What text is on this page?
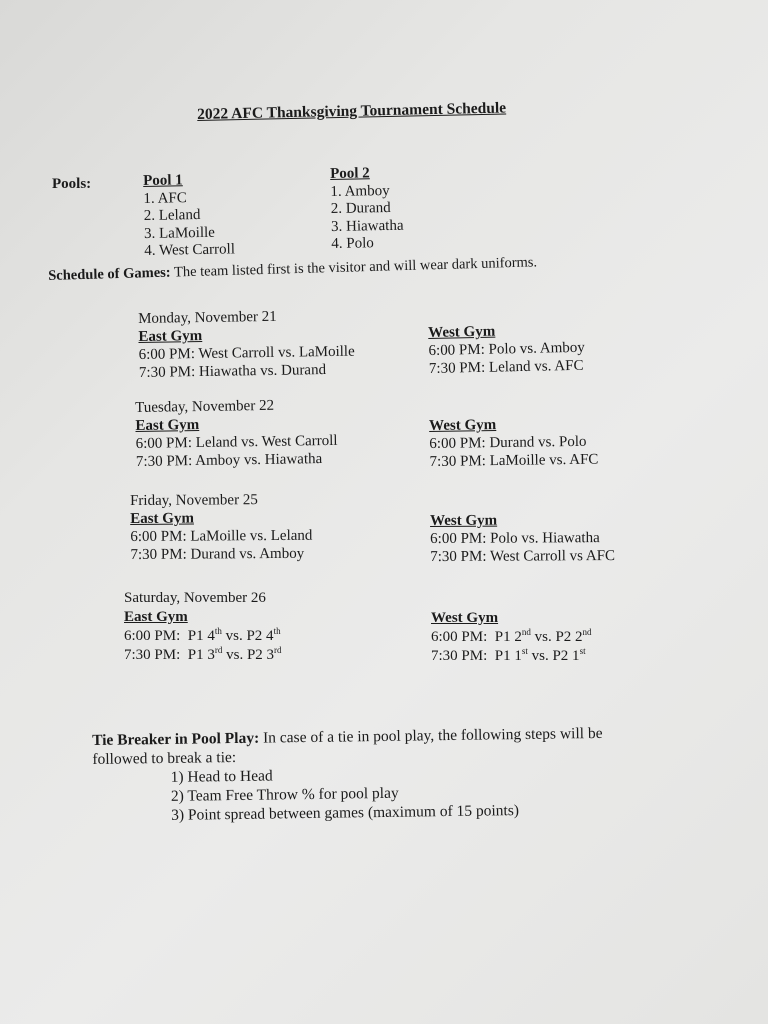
2022 AFC Thanksgiving Tournament Schedule
Pools:	Pool 1
1. AFC
2. Leland
3. LaMoille
4. West Carroll
Pool 2
1. Amboy
2. Durand
3. Hiawatha
4. Polo
Schedule of Games: The team listed first is the visitor and will wear dark uniforms.
Monday, November 21
East Gym
6:00 PM: West Carroll vs. LaMoille
7:30 PM: Hiawatha vs. Durand
West Gym
6:00 PM: Polo vs. Amboy
7:30 PM: Leland vs. AFC
Tuesday, November 22
East Gym
6:00 PM: Leland vs. West Carroll
7:30 PM: Amboy vs. Hiawatha
West Gym
6:00 PM: Durand vs. Polo
7:30 PM: LaMoille vs. AFC
Friday, November 25
East Gym
6:00 PM: LaMoille vs. Leland
7:30 PM: Durand vs. Amboy
West Gym
6:00 PM: Polo vs. Hiawatha
7:30 PM: West Carroll vs AFC
Saturday, November 26
East Gym
6:00 PM: P1 4th vs. P2 4th
7:30 PM: P1 3rd vs. P2 3rd
West Gym
6:00 PM: P1 2nd vs. P2 2nd
7:30 PM: P1 1st vs. P2 1st
Tie Breaker in Pool Play: In case of a tie in pool play, the following steps will be
followed to break a tie:
1) Head to Head
2) Team Free Throw % for pool play
3) Point spread between games (maximum of 15 points)
